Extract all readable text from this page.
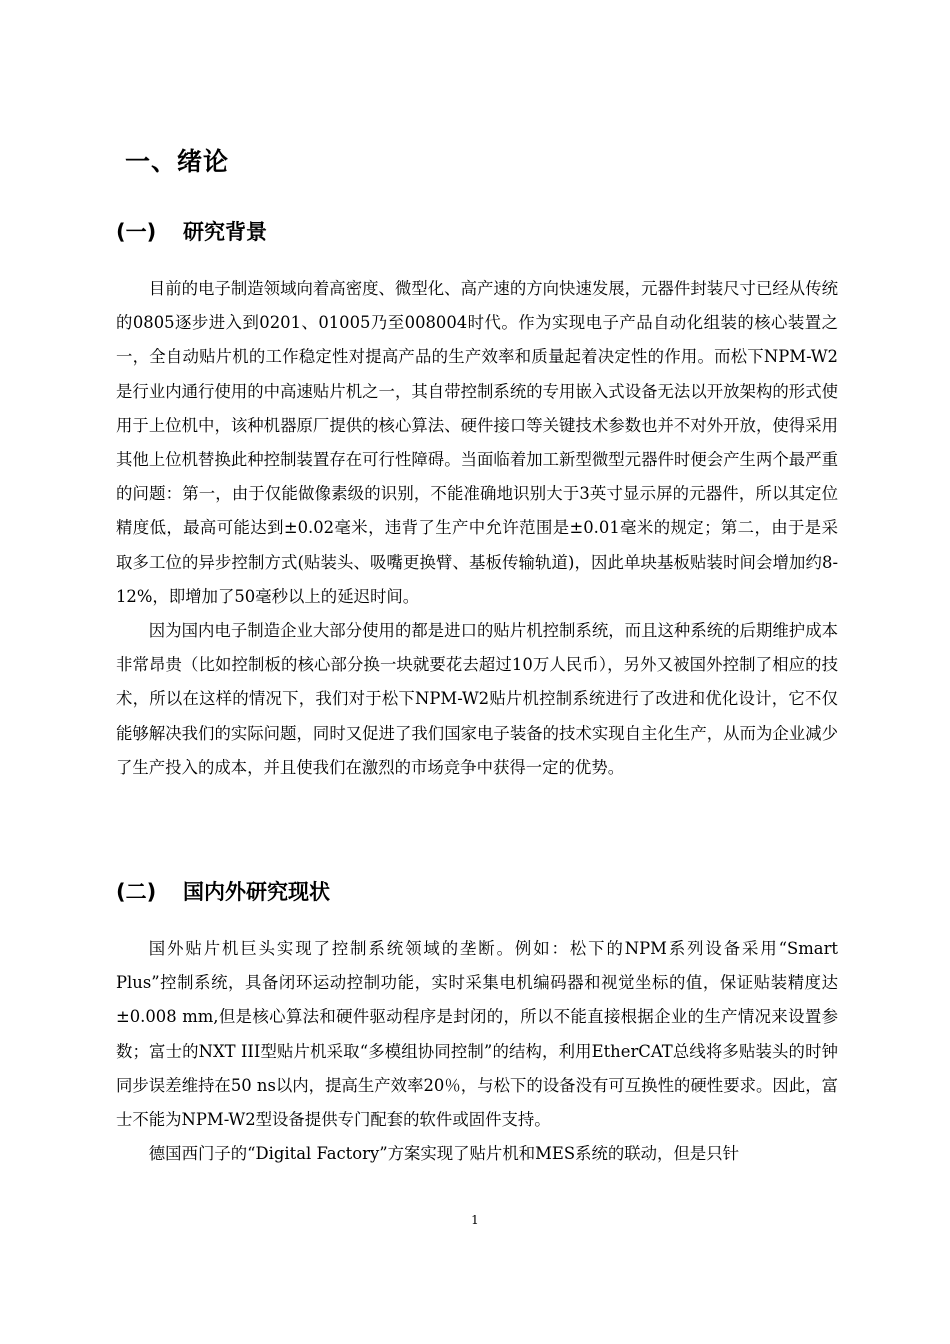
一、绪论
(一) 研究背景

目前的电子制造领域向着高密度、微型化、高产速的方向快速发展，元器件封装尺寸已经从传统的0805逐步进入到0201、01005乃至008004时代。作为实现电子产品自动化组装的核心装置之一，全自动贴片机的工作稳定性对提高产品的生产效率和质量起着决定性的作用。而松下NPM-W2是行业内通行使用的中高速贴片机之一，其自带控制系统的专用嵌入式设备无法以开放架构的形式使用于上位机中，该种机器原厂提供的核心算法、硬件接口等关键技术参数也并不对外开放，使得采用其他上位机替换此种控制装置存在可行性障碍。当面临着加工新型微型元器件时便会产生两个最严重的问题：第一，由于仅能做像素级的识别，不能准确地识别大于3英寸显示屏的元器件，所以其定位精度低，最高可能达到±0.02毫米，违背了生产中允许范围是±0.01毫米的规定；第二，由于是采取多工位的异步控制方式(贴装头、吸嘴更换臂、基板传输轨道)，因此单块基板贴装时间会增加约8-12%，即增加了50毫秒以上的延迟时间。

因为国内电子制造企业大部分使用的都是进口的贴片机控制系统，而且这种系统的后期维护成本非常昂贵（比如控制板的核心部分换一块就要花去超过10万人民币），另外又被国外控制了相应的技术，所以在这样的情况下，我们对于松下NPM-W2贴片机控制系统进行了改进和优化设计，它不仅能够解决我们的实际问题，同时又促进了我们国家电子装备的技术实现自主化生产，从而为企业减少了生产投入的成本，并且使我们在激烈的市场竞争中获得一定的优势。

(二) 国内外研究现状

国外贴片机巨头实现了控制系统领域的垄断。例如：松下的NPM系列设备采用“Smart Plus”控制系统，具备闭环运动控制功能，实时采集电机编码器和视觉坐标的值，保证贴装精度达±0.008 mm,但是核心算法和硬件驱动程序是封闭的，所以不能直接根据企业的生产情况来设置参数；富士的NXT III型贴片机采取“多模组协同控制”的结构，利用EtherCAT总线将多贴装头的时钟同步误差维持在50 ns以内，提高生产效率20％，与松下的设备没有可互换性的硬性要求。因此，富士不能为NPM-W2型设备提供专门配套的软件或固件支持。

德国西门子的“Digital Factory”方案实现了贴片机和MES系统的联动，但是只针

1
